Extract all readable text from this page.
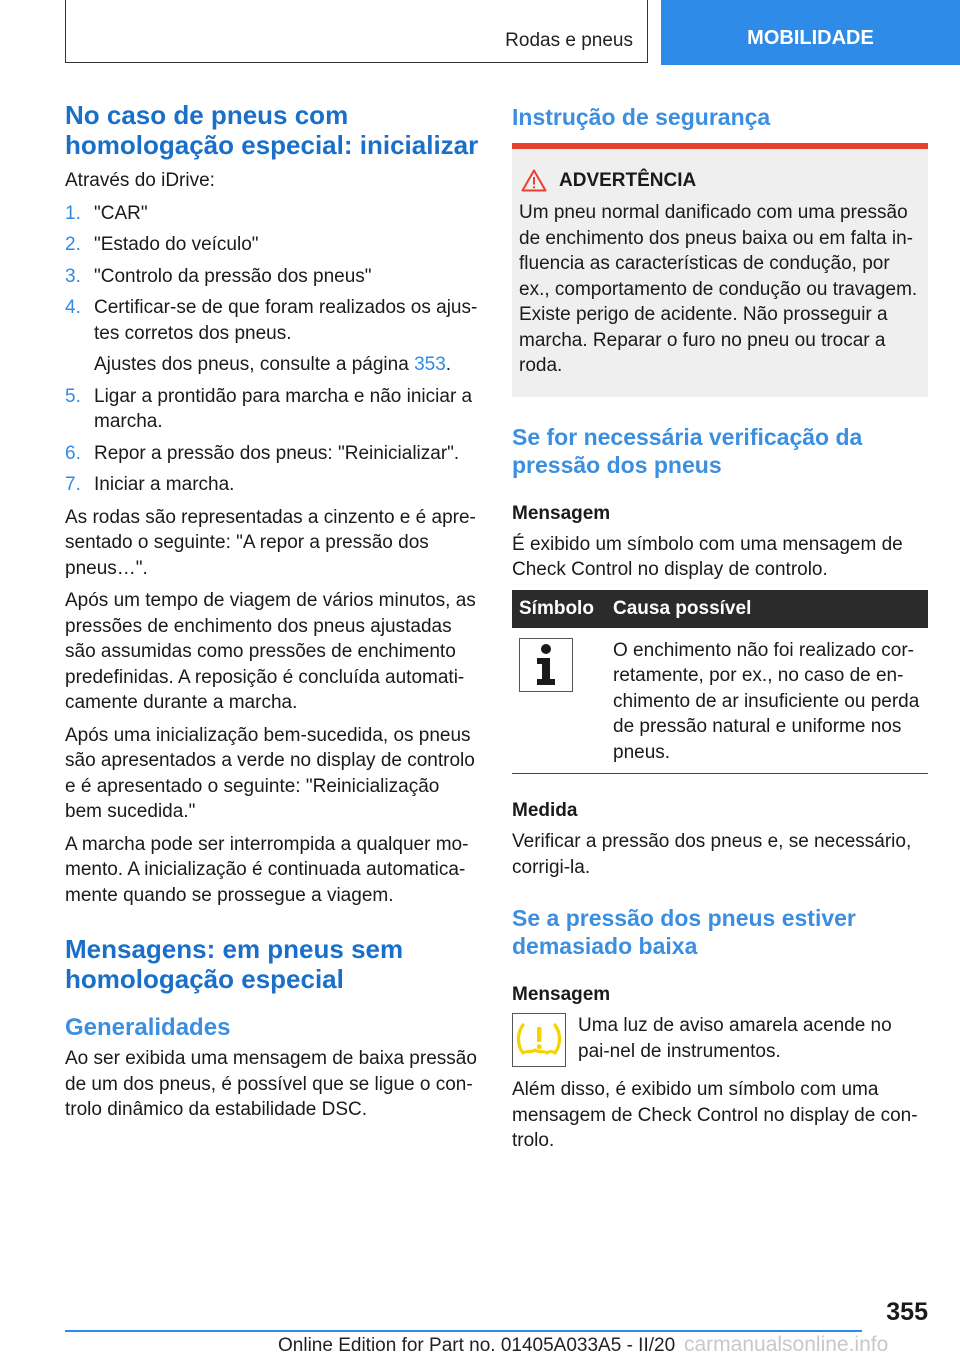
Rodas e pneus	MOBILIDADE
No caso de pneus com homologação especial: inicializar

Através do iDrive:

1. "CAR"
2. "Estado do veículo"
3. "Controlo da pressão dos pneus"
4. Certificar-se de que foram realizados os ajus-tes corretos dos pneus.
Ajustes dos pneus, consulte a página 353.
5. Ligar a prontidão para marcha e não iniciar a marcha.
6. Repor a pressão dos pneus: "Reinicializar".
7. Iniciar a marcha.

As rodas são representadas a cinzento e é apre-sentado o seguinte: "A repor a pressão dos pneus…".

Após um tempo de viagem de vários minutos, as pressões de enchimento dos pneus ajustadas são assumidas como pressões de enchimento predefinidas. A reposição é concluída automati-camente durante a marcha.

Após uma inicialização bem-sucedida, os pneus são apresentados a verde no display de controlo e é apresentado o seguinte: "Reinicialização bem sucedida."

A marcha pode ser interrompida a qualquer mo-mento. A inicialização é continuada automatica-mente quando se prossegue a viagem.

Mensagens: em pneus sem homologação especial
Generalidades

Ao ser exibida uma mensagem de baixa pressão de um dos pneus, é possível que se ligue o con-trolo dinâmico da estabilidade DSC.

Instrução de segurança
ADVERTÊNCIA

Um pneu normal danificado com uma pressão de enchimento dos pneus baixa ou em falta in-fluencia as características de condução, por ex., comportamento de condução ou travagem. Existe perigo de acidente. Não prosseguir a marcha. Reparar o furo no pneu ou trocar a roda.

Se for necessária verificação da pressão dos pneus

Mensagem

É exibido um símbolo com uma mensagem de Check Control no display de controlo.

Símbolo	Causa possível

	O enchimento não foi realizado cor-retamente, por ex., no caso de en-chimento de ar insuficiente ou perda de pressão natural e uniforme nos pneus.

Medida

Verificar a pressão dos pneus e, se necessário, corrigi-la.

Se a pressão dos pneus estiver demasiado baixa

Mensagem

Uma luz de aviso amarela acende no pai-nel de instrumentos.

Além disso, é exibido um símbolo com uma mensagem de Check Control no display de con-trolo.

355
Online Edition for Part no. 01405A033A5 - II/20 carmanualsonline.info
